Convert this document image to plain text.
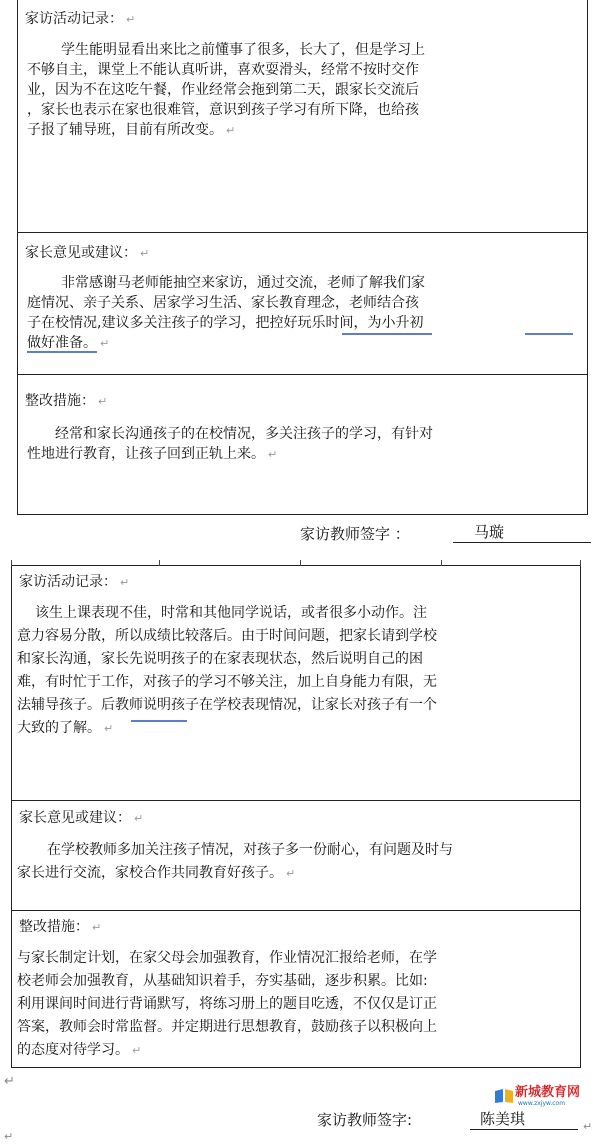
家访活动记录： ↵

学生能明显看出来比之前懂事了很多，长大了，但是学习上
不够自主，课堂上不能认真听讲，喜欢耍滑头，经常不按时交作
业，因为不在这吃午餐，作业经常会拖到第二天，跟家长交流后
，家长也表示在家也很难管，意识到孩子学习有所下降，也给孩
子报了辅导班，目前有所改变。 ↵

家长意见或建议： ↵

非常感谢马老师能抽空来家访，通过交流，老师了解我们家
庭情况、亲子关系、居家学习生活、家长教育理念，老师结合孩
子在校情况,建议多关注孩子的学习，把控好玩乐时间，为小升初
做好准备。 ↵

整改措施： ↵

经常和家长沟通孩子的在校情况，多关注孩子的学习，有针对
性地进行教育，让孩子回到正轨上来。 ↵

家访教师签字 ：	马璇
家访活动记录： ↵

该生上课表现不佳，时常和其他同学说话，或者很多小动作。注
意力容易分散，所以成绩比较落后。由于时间问题，把家长请到学校
和家长沟通，家长先说明孩子的在家表现状态，然后说明自己的困
难，有时忙于工作，对孩子的学习不够关注，加上自身能力有限，无
法辅导孩子。后教师说明孩子在学校表现情况，让家长对孩子有一个
大致的了解。 ↵

家长意见或建议： ↵

在学校教师多加关注孩子情况，对孩子多一份耐心，有问题及时与
家长进行交流，家校合作共同教育好孩子。 ↵

整改措施： ↵

与家长制定计划，在家父母会加强教育，作业情况汇报给老师，在学
校老师会加强教育，从基础知识着手，夯实基础，逐步积累。比如:
利用课间时间进行背诵默写，将练习册上的题目吃透，不仅仅是订正
答案，教师会时常监督。并定期进行思想教育，鼓励孩子以积极向上
的态度对待学习。 ↵

↵
新城教育网
www.zxjyw.com
家访教师签字:	陈美琪	↵
↵
